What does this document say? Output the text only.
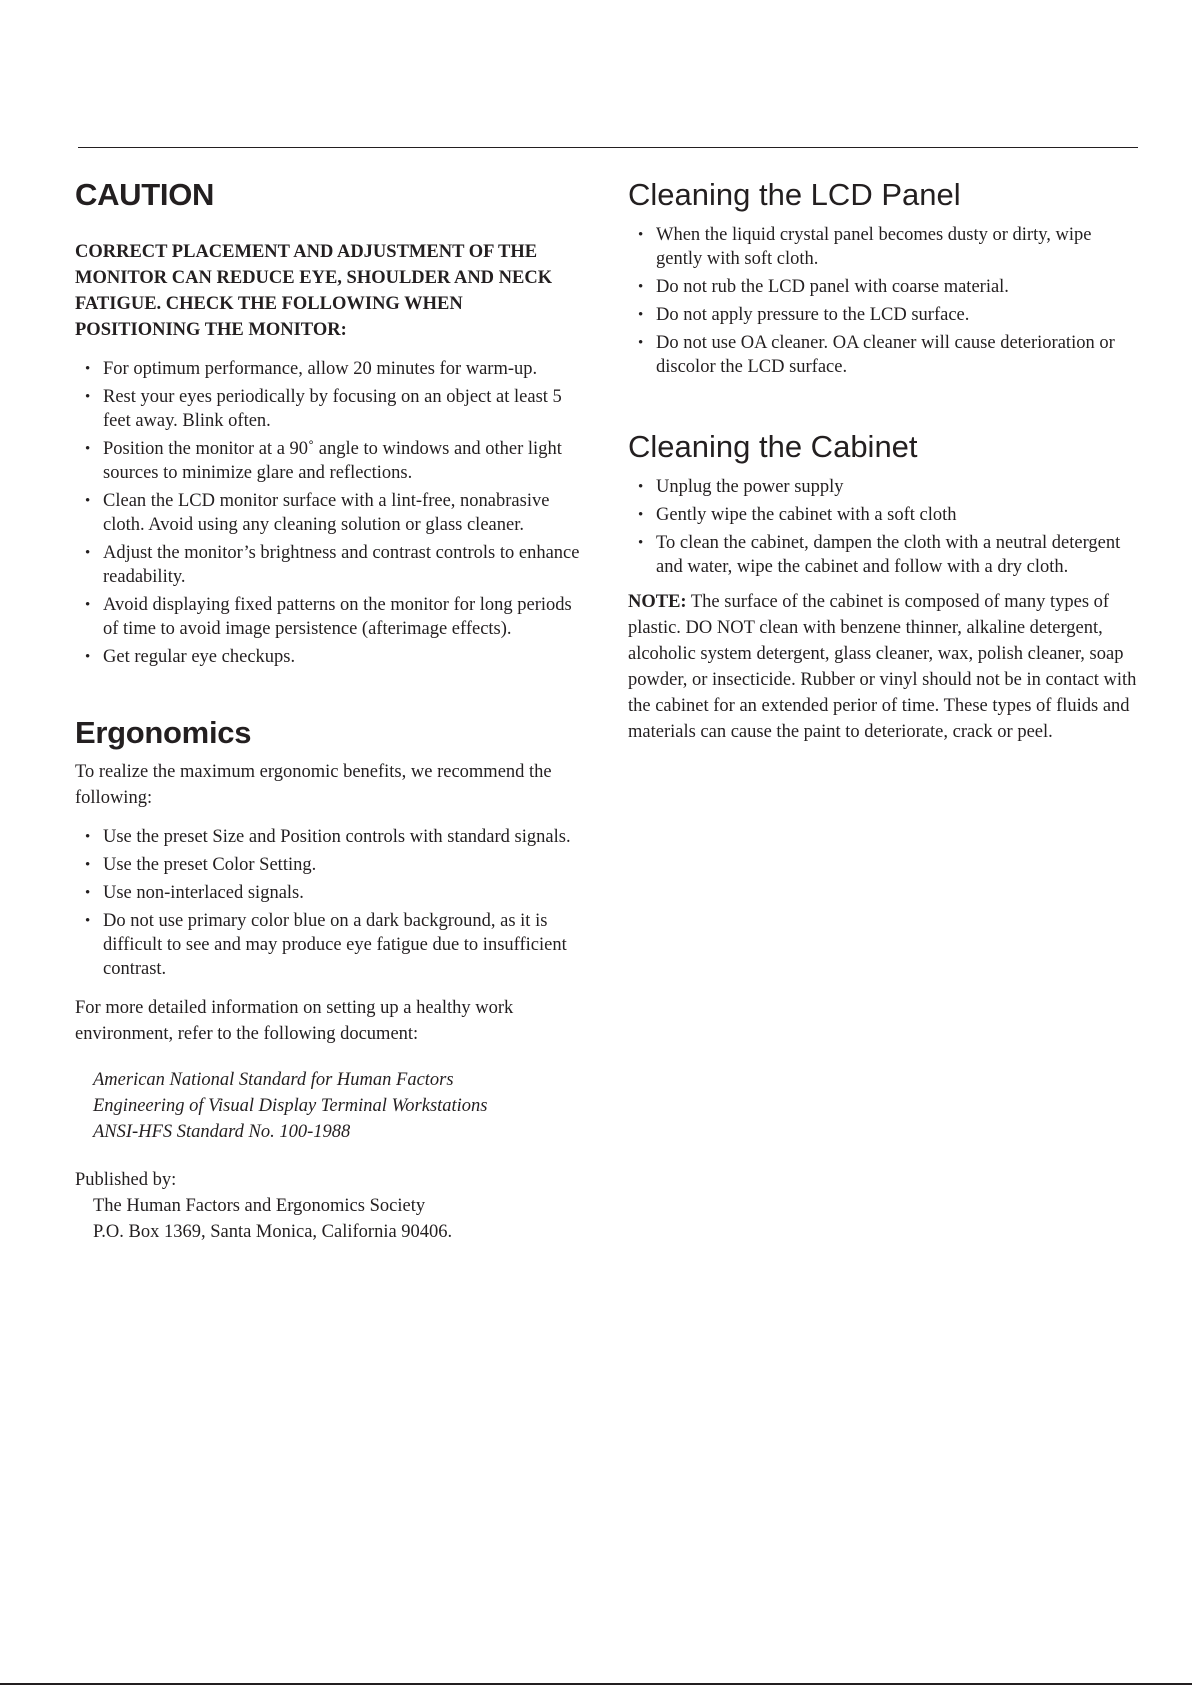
CAUTION

CORRECT PLACEMENT AND ADJUSTMENT OF THE MONITOR CAN REDUCE EYE, SHOULDER AND NECK FATIGUE. CHECK THE FOLLOWING WHEN POSITIONING THE MONITOR:

• For optimum performance, allow 20 minutes for warm-up.
• Rest your eyes periodically by focusing on an object at least 5 feet away. Blink often.
• Position the monitor at a 90˚ angle to windows and other light sources to minimize glare and reflections.
• Clean the LCD monitor surface with a lint-free, nonabrasive cloth. Avoid using any cleaning solution or glass cleaner.
• Adjust the monitor’s brightness and contrast controls to enhance readability.
• Avoid displaying fixed patterns on the monitor for long periods of time to avoid image persistence (afterimage effects).
• Get regular eye checkups.
Ergonomics

To realize the maximum ergonomic benefits, we recommend the following:

• Use the preset Size and Position controls with standard signals.
• Use the preset Color Setting.
• Use non-interlaced signals.
• Do not use primary color blue on a dark background, as it is difficult to see and may produce eye fatigue due to insufficient contrast.

For more detailed information on setting up a healthy work environment, refer to the following document:

American National Standard for Human Factors

Engineering of Visual Display Terminal Workstations

ANSI-HFS Standard No. 100-1988

Published by:

The Human Factors and Ergonomics Society

P.O. Box 1369, Santa Monica, California 90406.

Cleaning the LCD Panel
• When the liquid crystal panel becomes dusty or dirty, wipe gently with soft cloth.
• Do not rub the LCD panel with coarse material.
• Do not apply pressure to the LCD surface.
• Do not use OA cleaner. OA cleaner will cause deterioration or discolor the LCD surface.
Cleaning the Cabinet
• Unplug the power supply
• Gently wipe the cabinet with a soft cloth
• To clean the cabinet, dampen the cloth with a neutral detergent and water, wipe the cabinet and follow with a dry cloth.

NOTE: The surface of the cabinet is composed of many types of plastic. DO NOT clean with benzene thinner, alkaline detergent, alcoholic system detergent, glass cleaner, wax, polish cleaner, soap powder, or insecticide. Rubber or vinyl should not be in contact with the cabinet for an extended perior of time. These types of fluids and materials can cause the paint to deteriorate, crack or peel.
